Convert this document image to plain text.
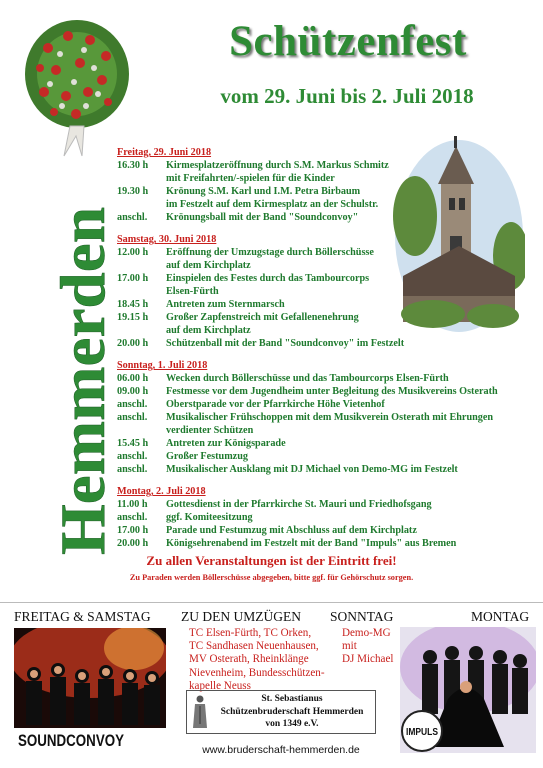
Schützenfest
vom 29. Juni bis 2. Juli 2018
Hemmerden
Freitag, 29. Juni 2018
16.30 h	Kirmesplatzeröffnung durch S.M. Markus Schmitz
mit Freifahrten/-spielen für die Kinder
19.30 h	Krönung S.M. Karl und I.M. Petra Birbaum
im Festzelt auf dem Kirmesplatz an der Schulstr.
anschl.	Krönungsball mit der Band "Soundconvoy"
Samstag, 30. Juni 2018
12.00 h	Eröffnung der Umzugstage durch Böllerschüsse
auf dem Kirchplatz
17.00 h	Einspielen des Festes durch das Tambourcorps
Elsen-Fürth
18.45 h	Antreten zum Sternmarsch
19.15 h	Großer Zapfenstreich mit Gefallenenehrung
auf dem Kirchplatz
20.00 h	Schützenball mit der Band "Soundconvoy" im Festzelt
Sonntag, 1. Juli 2018
06.00 h	Wecken durch Böllerschüsse und das Tambourcorps Elsen-Fürth
09.00 h	Festmesse vor dem Jugendheim unter Begleitung des Musikvereins Osterath
anschl.	Oberstparade vor der Pfarrkirche Höhe Vietenhof
anschl.	Musikalischer Frühschoppen mit dem Musikverein Osterath mit Ehrungen
verdienter Schützen
15.45 h	Antreten zur Königsparade
anschl.	Großer Festumzug
anschl.	Musikalischer Ausklang mit DJ Michael von Demo-MG im Festzelt
Montag, 2. Juli 2018
11.00 h	Gottesdienst in der Pfarrkirche St. Mauri und Friedhofsgang
anschl.	ggf. Komiteesitzung
17.00 h	Parade und Festumzug mit Abschluss auf dem Kirchplatz
20.00 h	Königsehrenabend im Festzelt mit der Band "Impuls" aus Bremen
Zu allen Veranstaltungen ist der Eintritt frei!
Zu Paraden werden Böllerschüsse abgegeben, bitte ggf. für Gehörschutz sorgen.
FREITAG & SAMSTAG ZU DEN UMZÜGEN SONNTAG	MONTAG
SOUNDCONVOY
TC Elsen-Fürth, TC Orken,
TC Sandhasen Neuenhausen,
MV Osterath, Rheinklänge
Nievenheim, Bundesschützen-
kapelle Neuss
Demo-MG
mit
DJ Michael
IMPULS
St. Sebastianus
Schützenbruderschaft Hemmerden
von 1349 e.V.
www.bruderschaft-hemmerden.de
